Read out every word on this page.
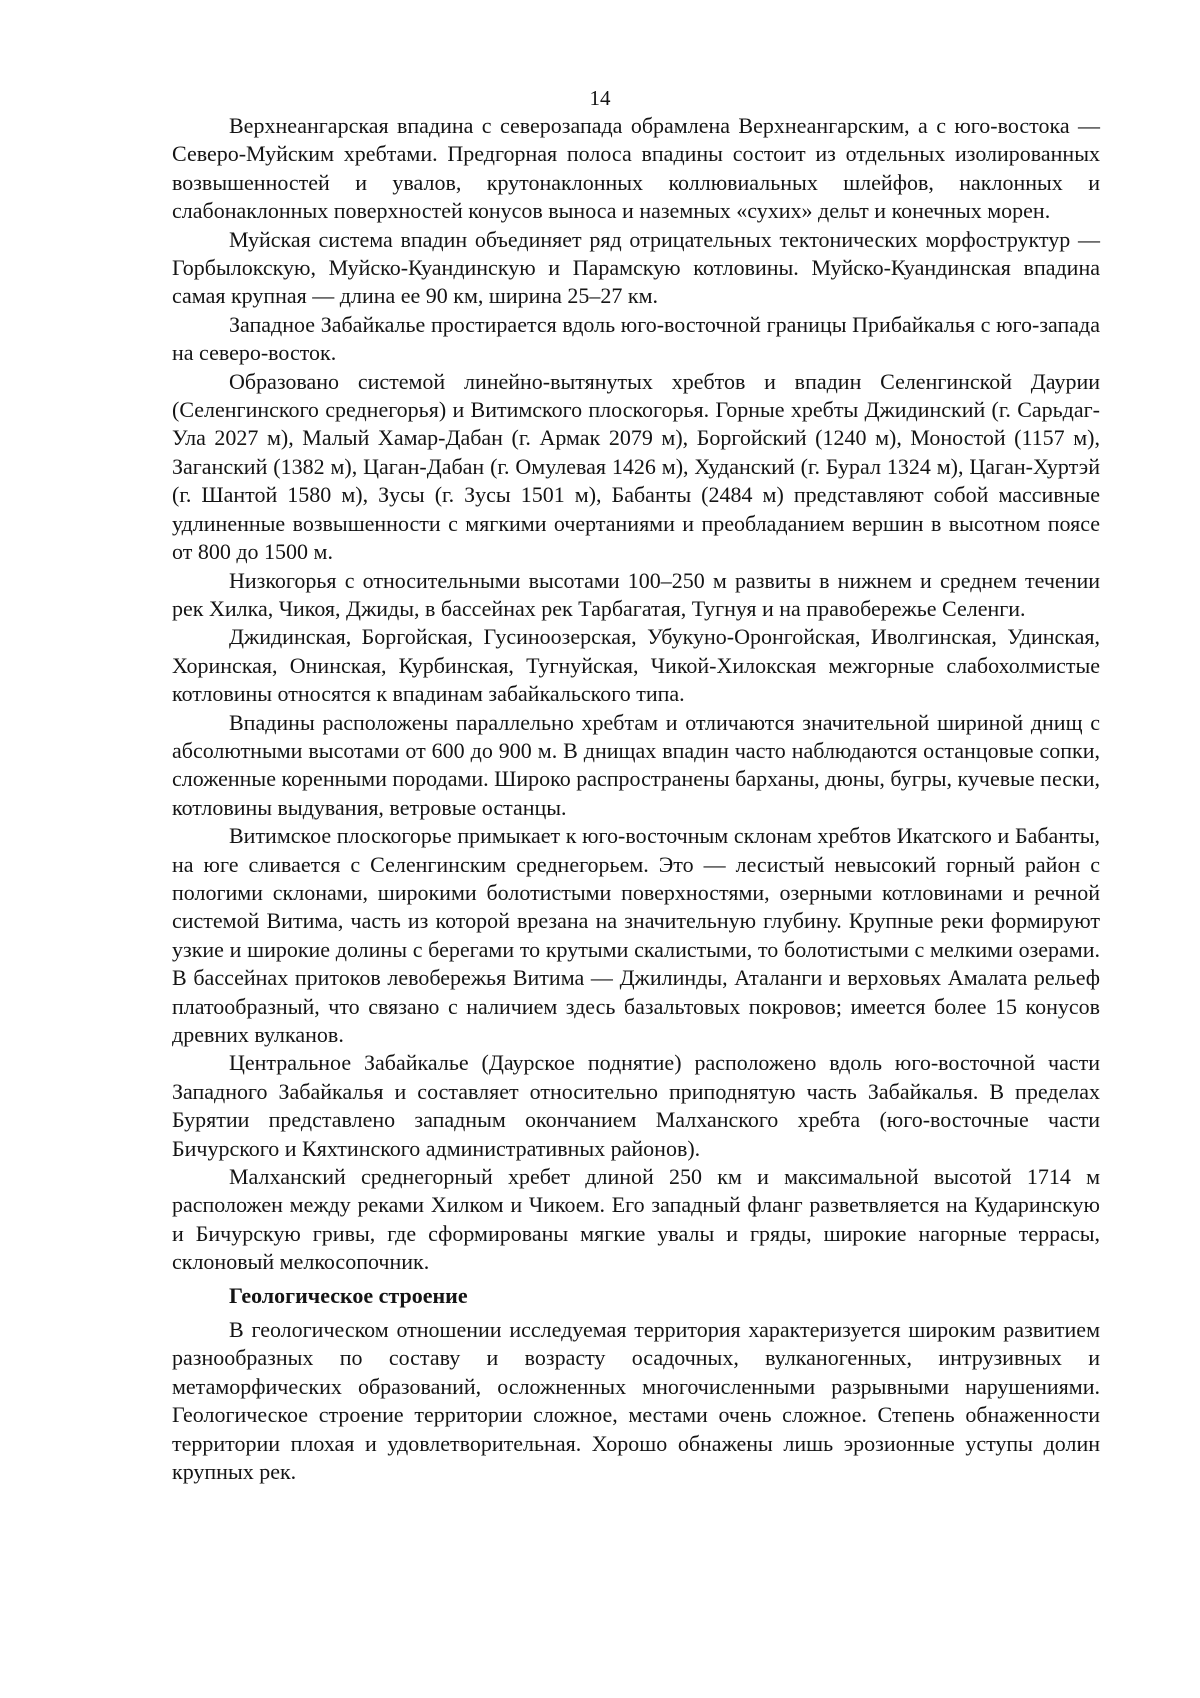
14

Верхнеангарская впадина с северозапада обрамлена Верхнеангарским, а с юго-востока — Северо-Муйским хребтами. Предгорная полоса впадины состоит из отдельных изолированных возвышенностей и увалов, крутонаклонных коллювиальных шлейфов, наклонных и слабонаклонных поверхностей конусов выноса и наземных «сухих» дельт и конечных морен.

Муйская система впадин объединяет ряд отрицательных тектонических морфоструктур — Горбылокскую, Муйско-Куандинскую и Парамскую котловины. Муйско-Куандинская впадина самая крупная — длина ее 90 км, ширина 25–27 км.

Западное Забайкалье простирается вдоль юго-восточной границы Прибайкалья с юго-запада на северо-восток.

Образовано системой линейно-вытянутых хребтов и впадин Селенгинской Даурии (Селенгинского среднегорья) и Витимского плоскогорья. Горные хребты Джидинский (г. Сарьдаг-Ула 2027 м), Малый Хамар-Дабан (г. Армак 2079 м), Боргойский (1240 м), Моностой (1157 м), Заганский (1382 м), Цаган-Дабан (г. Омулевая 1426 м), Худанский (г. Бурал 1324 м), Цаган-Хуртэй (г. Шантой 1580 м), Зусы (г. Зусы 1501 м), Бабанты (2484 м) представляют собой массивные удлиненные возвышенности с мягкими очертаниями и преобладанием вершин в высотном поясе от 800 до 1500 м.

Низкогорья с относительными высотами 100–250 м развиты в нижнем и среднем течении рек Хилка, Чикоя, Джиды, в бассейнах рек Тарбагатая, Тугнуя и на правобережье Селенги.

Джидинская, Боргойская, Гусиноозерская, Убукуно-Оронгойская, Иволгинская, Удинская, Хоринская, Онинская, Курбинская, Тугнуйская, Чикой-Хилокская межгорные слабохолмистые котловины относятся к впадинам забайкальского типа.

Впадины расположены параллельно хребтам и отличаются значительной шириной днищ с абсолютными высотами от 600 до 900 м. В днищах впадин часто наблюдаются останцовые сопки, сложенные коренными породами. Широко распространены барханы, дюны, бугры, кучевые пески, котловины выдувания, ветровые останцы.

Витимское плоскогорье примыкает к юго-восточным склонам хребтов Икатского и Бабанты, на юге сливается с Селенгинским среднегорьем. Это — лесистый невысокий горный район с пологими склонами, широкими болотистыми поверхностями, озерными котловинами и речной системой Витима, часть из которой врезана на значительную глубину. Крупные реки формируют узкие и широкие долины с берегами то крутыми скалистыми, то болотистыми с мелкими озерами. В бассейнах притоков левобережья Витима — Джилинды, Аталанги и верховьях Амалата рельеф платообразный, что связано с наличием здесь базальтовых покровов; имеется более 15 конусов древних вулканов.

Центральное Забайкалье (Даурское поднятие) расположено вдоль юго-восточной части Западного Забайкалья и составляет относительно приподнятую часть Забайкалья. В пределах Бурятии представлено западным окончанием Малханского хребта (юго-восточные части Бичурского и Кяхтинского административных районов).

Малханский среднегорный хребет длиной 250 км и максимальной высотой 1714 м расположен между реками Хилком и Чикоем. Его западный фланг разветвляется на Кударинскую и Бичурскую гривы, где сформированы мягкие увалы и гряды, широкие нагорные террасы, склоновый мелкосопочник.

Геологическое строение

В геологическом отношении исследуемая территория характеризуется широким развитием разнообразных по составу и возрасту осадочных, вулканогенных, интрузивных и метаморфических образований, осложненных многочисленными разрывными нарушениями. Геологическое строение территории сложное, местами очень сложное. Степень обнаженности территории плохая и удовлетворительная. Хорошо обнажены лишь эрозионные уступы долин крупных рек.
